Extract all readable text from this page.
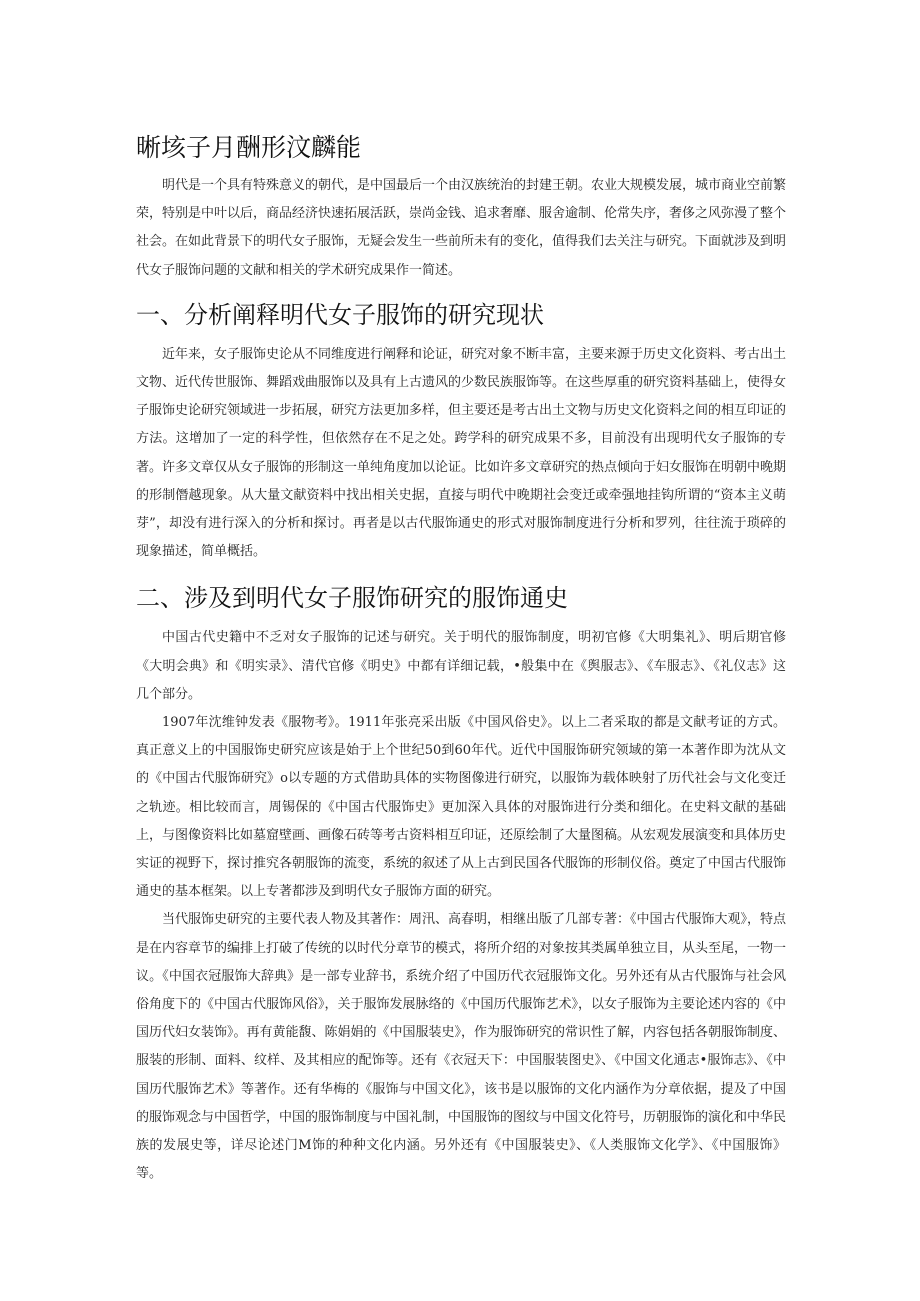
晰垓子月酬形汶麟能

明代是一个具有特殊意义的朝代，是中国最后一个由汉族统治的封建王朝。农业大规模发展，城市商业空前繁荣，特别是中叶以后，商品经济快速拓展活跃，崇尚金钱、追求奢靡、服舍逾制、伦常失序，奢侈之风弥漫了整个社会。在如此背景下的明代女子服饰，无疑会发生一些前所未有的变化，值得我们去关注与研究。下面就涉及到明代女子服饰问题的文献和相关的学术研究成果作一简述。

一、分析阐释明代女子服饰的研究现状

近年来，女子服饰史论从不同维度进行阐释和论证，研究对象不断丰富，主要来源于历史文化资料、考古出土文物、近代传世服饰、舞蹈戏曲服饰以及具有上古遗风的少数民族服饰等。在这些厚重的研究资料基础上，使得女子服饰史论研究领域进一步拓展，研究方法更加多样，但主要还是考古出土文物与历史文化资料之间的相互印证的方法。这增加了一定的科学性，但依然存在不足之处。跨学科的研究成果不多，目前没有出现明代女子服饰的专著。许多文章仅从女子服饰的形制这一单纯角度加以论证。比如许多文章研究的热点倾向于妇女服饰在明朝中晚期的形制僭越现象。从大量文献资料中找出相关史据，直接与明代中晚期社会变迁或牵强地挂钩所谓的“资本主义萌芽”，却没有进行深入的分析和探讨。再者是以古代服饰通史的形式对服饰制度进行分析和罗列，往往流于琐碎的现象描述，简单概括。

二、涉及到明代女子服饰研究的服饰通史

中国古代史籍中不乏对女子服饰的记述与研究。关于明代的服饰制度，明初官修《大明集礼》、明后期官修《大明会典》和《明实录》、清代官修《明史》中都有详细记载，•般集中在《舆服志》、《车服志》、《礼仪志》这几个部分。

1907年沈维钟发表《服物考》。1911年张亮采出版《中国风俗史》。以上二者采取的都是文献考证的方式。真正意义上的中国服饰史研究应该是始于上个世纪50到60年代。近代中国服饰研究领域的第一本著作即为沈从文的《中国古代服饰研究》o以专题的方式借助具体的实物图像进行研究，以服饰为载体映射了历代社会与文化变迁之轨迹。相比较而言，周锡保的《中国古代服饰史》更加深入具体的对服饰进行分类和细化。在史料文献的基础上，与图像资料比如墓窟壁画、画像石砖等考古资料相互印证，还原绘制了大量图稿。从宏观发展演变和具体历史实证的视野下，探讨推究各朝服饰的流变，系统的叙述了从上古到民国各代服饰的形制仪俗。奠定了中国古代服饰通史的基本框架。以上专著都涉及到明代女子服饰方面的研究。

当代服饰史研究的主要代表人物及其著作：周汛、高春明，相继出版了几部专著：《中国古代服饰大观》，特点是在内容章节的编排上打破了传统的以时代分章节的模式，将所介绍的对象按其类属单独立目，从头至尾，一物一议。《中国衣冠服饰大辞典》是一部专业辞书，系统介绍了中国历代衣冠服饰文化。另外还有从古代服饰与社会风俗角度下的《中国古代服饰风俗》，关于服饰发展脉络的《中国历代服饰艺术》，以女子服饰为主要论述内容的《中国历代妇女装饰》。再有黄能馥、陈娟娟的《中国服装史》，作为服饰研究的常识性了解，内容包括各朝服饰制度、服装的形制、面料、纹样、及其相应的配饰等。还有《衣冠天下：中国服装图史》、《中国文化通志•服饰志》、《中国历代服饰艺术》等著作。还有华梅的《服饰与中国文化》，该书是以服饰的文化内涵作为分章依据，提及了中国的服饰观念与中国哲学，中国的服饰制度与中国礼制，中国服饰的图纹与中国文化符号，历朝服饰的演化和中华民族的发展史等，详尽论述门M饰的种种文化内涵。另外还有《中国服装史》、《人类服饰文化学》、《中国服饰》等。
